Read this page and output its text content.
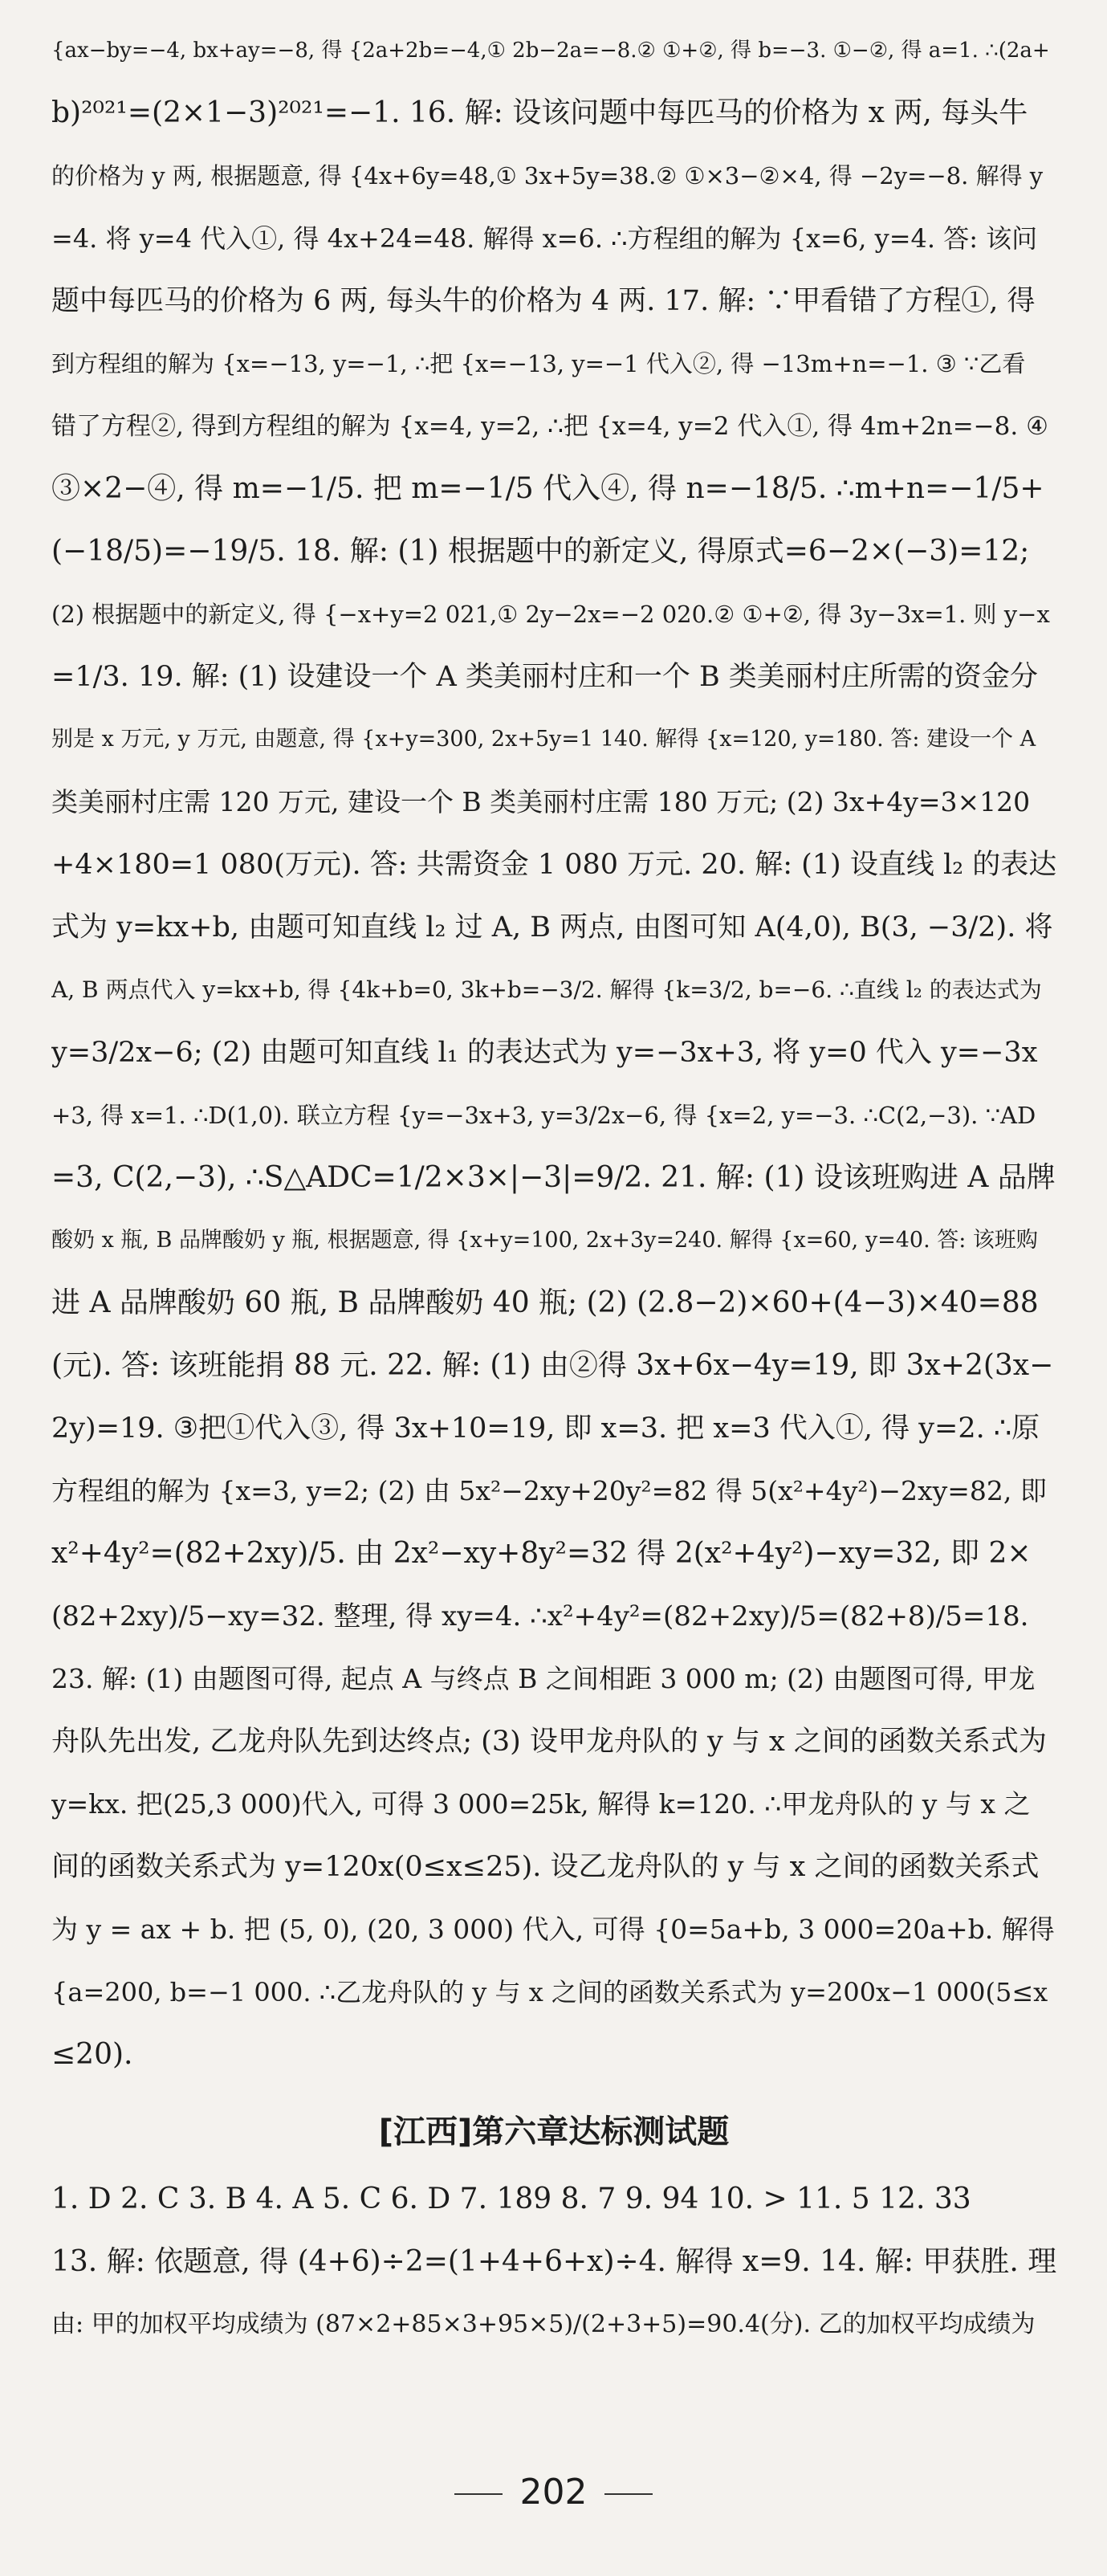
{ax−by=−4, bx+ay=−8, 得 {2a+2b=−4,① 2b−2a=−8.② ①+②, 得 b=−3. ①−②, 得 a=1. ∴(2a+

b)²⁰²¹=(2×1−3)²⁰²¹=−1. 16. 解: 设该问题中每匹马的价格为 x 两, 每头牛

的价格为 y 两, 根据题意, 得 {4x+6y=48,① 3x+5y=38.② ①×3−②×4, 得 −2y=−8. 解得 y

=4. 将 y=4 代入①, 得 4x+24=48. 解得 x=6. ∴方程组的解为 {x=6, y=4. 答: 该问

题中每匹马的价格为 6 两, 每头牛的价格为 4 两. 17. 解: ∵甲看错了方程①, 得

到方程组的解为 {x=−13, y=−1, ∴把 {x=−13, y=−1 代入②, 得 −13m+n=−1. ③ ∵乙看

错了方程②, 得到方程组的解为 {x=4, y=2, ∴把 {x=4, y=2 代入①, 得 4m+2n=−8. ④

③×2−④, 得 m=−1/5. 把 m=−1/5 代入④, 得 n=−18/5. ∴m+n=−1/5+

(−18/5)=−19/5. 18. 解: (1) 根据题中的新定义, 得原式=6−2×(−3)=12;

(2) 根据题中的新定义, 得 {−x+y=2 021,① 2y−2x=−2 020.② ①+②, 得 3y−3x=1. 则 y−x

=1/3. 19. 解: (1) 设建设一个 A 类美丽村庄和一个 B 类美丽村庄所需的资金分

别是 x 万元, y 万元, 由题意, 得 {x+y=300, 2x+5y=1 140. 解得 {x=120, y=180. 答: 建设一个 A

类美丽村庄需 120 万元, 建设一个 B 类美丽村庄需 180 万元; (2) 3x+4y=3×120

+4×180=1 080(万元). 答: 共需资金 1 080 万元. 20. 解: (1) 设直线 l₂ 的表达

式为 y=kx+b, 由题可知直线 l₂ 过 A, B 两点, 由图可知 A(4,0), B(3, −3/2). 将

A, B 两点代入 y=kx+b, 得 {4k+b=0, 3k+b=−3/2. 解得 {k=3/2, b=−6. ∴直线 l₂ 的表达式为

y=3/2x−6; (2) 由题可知直线 l₁ 的表达式为 y=−3x+3, 将 y=0 代入 y=−3x

+3, 得 x=1. ∴D(1,0). 联立方程 {y=−3x+3, y=3/2x−6, 得 {x=2, y=−3. ∴C(2,−3). ∵AD

=3, C(2,−3), ∴S△ADC=1/2×3×|−3|=9/2. 21. 解: (1) 设该班购进 A 品牌

酸奶 x 瓶, B 品牌酸奶 y 瓶, 根据题意, 得 {x+y=100, 2x+3y=240. 解得 {x=60, y=40. 答: 该班购

进 A 品牌酸奶 60 瓶, B 品牌酸奶 40 瓶; (2) (2.8−2)×60+(4−3)×40=88

(元). 答: 该班能捐 88 元. 22. 解: (1) 由②得 3x+6x−4y=19, 即 3x+2(3x−

2y)=19. ③把①代入③, 得 3x+10=19, 即 x=3. 把 x=3 代入①, 得 y=2. ∴原

方程组的解为 {x=3, y=2; (2) 由 5x²−2xy+20y²=82 得 5(x²+4y²)−2xy=82, 即

x²+4y²=(82+2xy)/5. 由 2x²−xy+8y²=32 得 2(x²+4y²)−xy=32, 即 2×

(82+2xy)/5−xy=32. 整理, 得 xy=4. ∴x²+4y²=(82+2xy)/5=(82+8)/5=18.

23. 解: (1) 由题图可得, 起点 A 与终点 B 之间相距 3 000 m; (2) 由题图可得, 甲龙

舟队先出发, 乙龙舟队先到达终点; (3) 设甲龙舟队的 y 与 x 之间的函数关系式为

y=kx. 把(25,3 000)代入, 可得 3 000=25k, 解得 k=120. ∴甲龙舟队的 y 与 x 之

间的函数关系式为 y=120x(0≤x≤25). 设乙龙舟队的 y 与 x 之间的函数关系式

为 y = ax + b. 把 (5, 0), (20, 3 000) 代入, 可得 {0=5a+b, 3 000=20a+b. 解得

{a=200, b=−1 000. ∴乙龙舟队的 y 与 x 之间的函数关系式为 y=200x−1 000(5≤x

≤20).

[江西]第六章达标测试题

1. D 2. C 3. B 4. A 5. C 6. D 7. 189 8. 7 9. 94 10. > 11. 5 12. 33

13. 解: 依题意, 得 (4+6)÷2=(1+4+6+x)÷4. 解得 x=9. 14. 解: 甲获胜. 理

由: 甲的加权平均成绩为 (87×2+85×3+95×5)/(2+3+5)=90.4(分). 乙的加权平均成绩为

202
